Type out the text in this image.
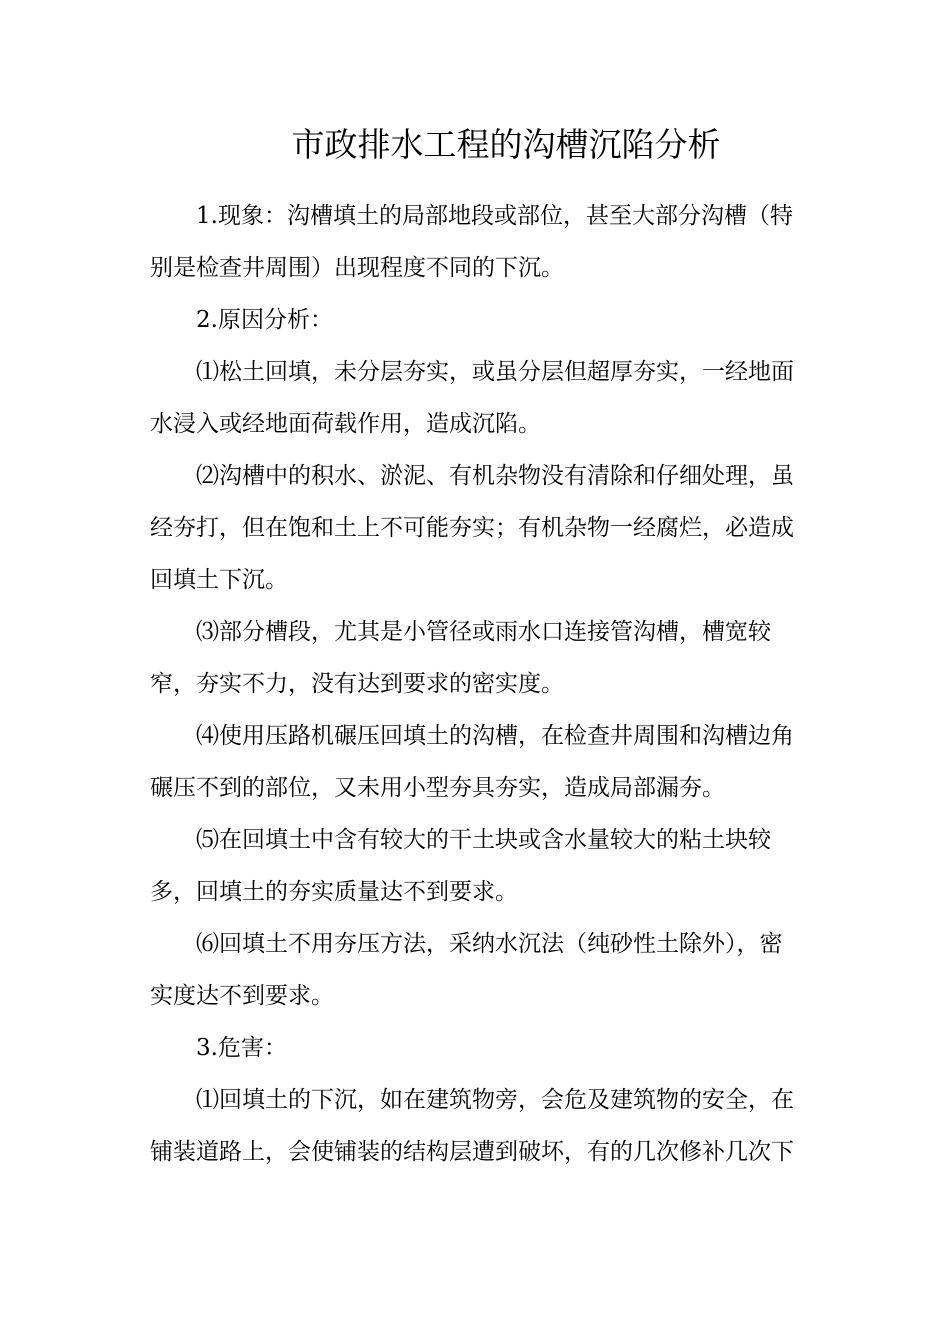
市政排水工程的沟槽沉陷分析

1.现象：沟槽填土的局部地段或部位，甚至大部分沟槽（特别是检查井周围）出现程度不同的下沉。

2.原因分析：

⑴松土回填，未分层夯实，或虽分层但超厚夯实，一经地面水浸入或经地面荷载作用，造成沉陷。

⑵沟槽中的积水、淤泥、有机杂物没有清除和仔细处理，虽经夯打，但在饱和土上不可能夯实；有机杂物一经腐烂，必造成回填土下沉。

⑶部分槽段，尤其是小管径或雨水口连接管沟槽，槽宽较窄，夯实不力，没有达到要求的密实度。

⑷使用压路机碾压回填土的沟槽，在检查井周围和沟槽边角碾压不到的部位，又未用小型夯具夯实，造成局部漏夯。

⑸在回填土中含有较大的干土块或含水量较大的粘土块较多，回填土的夯实质量达不到要求。

⑹回填土不用夯压方法，采纳水沉法（纯砂性土除外），密实度达不到要求。

3.危害：

⑴回填土的下沉，如在建筑物旁，会危及建筑物的安全，在铺装道路上，会使铺装的结构层遭到破坏，有的几次修补几次下
